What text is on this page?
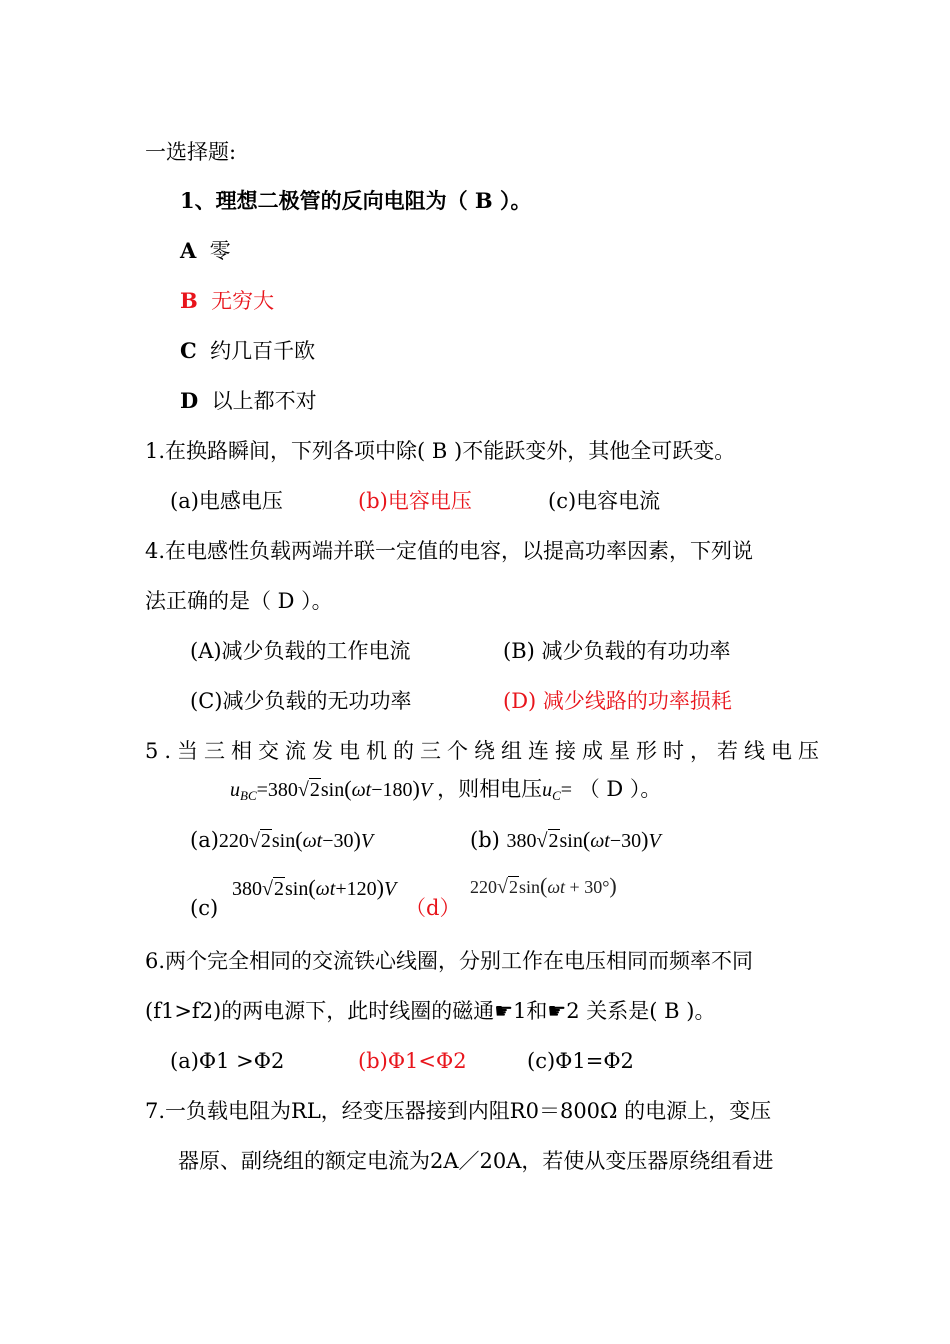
一选择题:
1、理想二极管的反向电阻为（ B ）。
A 零
B 无穷大
C 约几百千欧
D 以上都不对
1.在换路瞬间，下列各项中除( B )不能跃变外，其他全可跃变。
(a)电感电压	(b)电容电压	(c)电容电流
4.在电感性负载两端并联一定值的电容，以提高功率因素，下列说
法正确的是（ D ）。
(A)减少负载的工作电流	(B) 减少负载的有功功率
(C)减少负载的无功功率	(D) 减少线路的功率损耗
5.当三相交流发电机的三个绕组连接成星形时，若线电压
$u_{BC}=380√2\sin(\omega t-180)V$ ，则相电压$u_C=$ （ D ）。
(a)220√2sin(ωt−30)V	(b) 380√2sin(ωt−30)V
380√2sin(ωt+120)V
(c)
220√2sin(ωt + 30°)
（d）
6.两个完全相同的交流铁心线圈，分别工作在电压相同而频率不同
(f1>f2)的两电源下，此时线圈的磁通☛1和☛2 关系是( B )。
(a)Φ1 >Φ2	(b)Φ1<Φ2	(c)Φ1=Φ2
7.一负载电阻为RL，经变压器接到内阻R0＝800Ω 的电源上，变压
器原、副绕组的额定电流为2A／20A，若使从变压器原绕组看进
